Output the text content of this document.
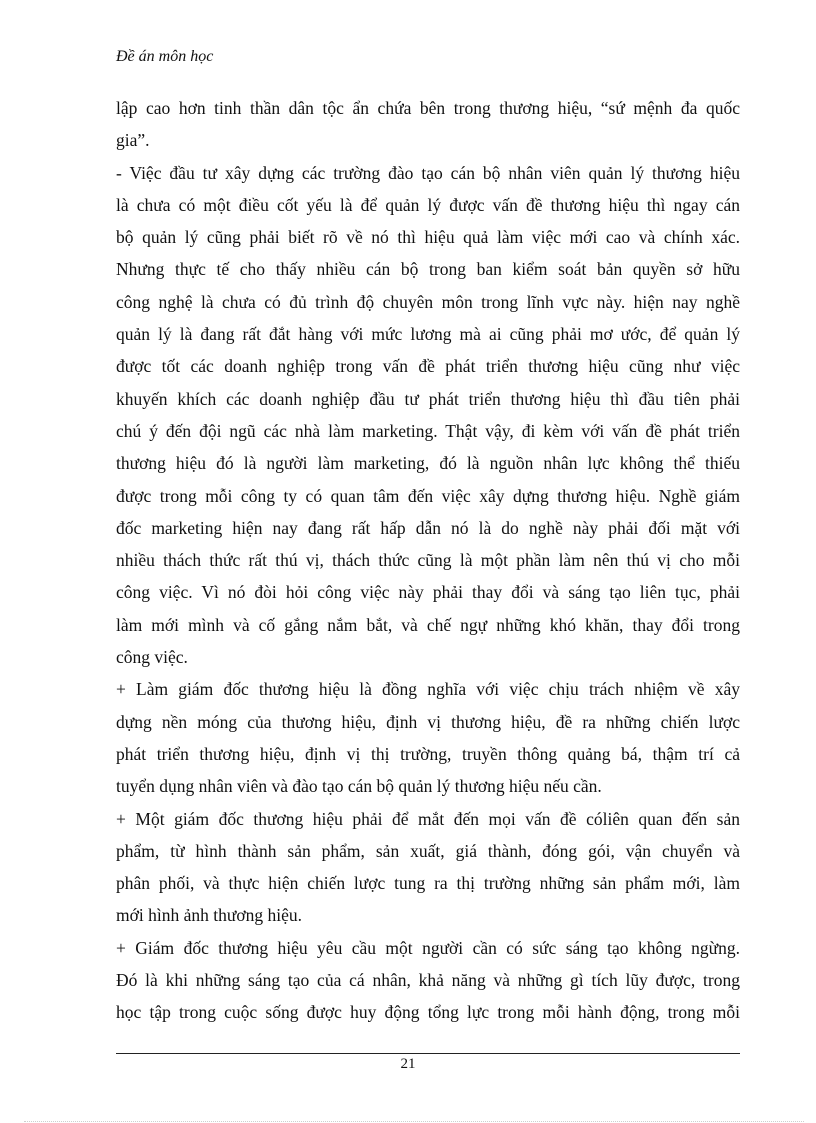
Đề án môn học
lập cao hơn tinh thần dân tộc ẩn chứa bên trong thương hiệu, “sứ mệnh đa quốc
gia”.
- Việc đầu tư xây dựng các trường đào tạo cán bộ nhân viên quản lý thương hiệu
là chưa có một điều cốt yếu là để quản lý được vấn đề thương hiệu thì ngay cán
bộ quản lý cũng phải biết rõ về nó thì hiệu quả làm việc mới cao và chính xác.
Nhưng thực tế cho thấy nhiều cán bộ trong ban kiểm soát bản quyền sở hữu
công nghệ là chưa có đủ trình độ chuyên môn trong lĩnh vực này. hiện nay nghề
quản lý là đang rất đắt hàng với mức lương mà ai cũng phải mơ ước, để quản lý
được tốt các doanh nghiệp trong vấn đề phát triển thương hiệu cũng như việc
khuyến khích các doanh nghiệp đầu tư phát triển thương hiệu thì đầu tiên phải
chú ý đến đội ngũ các nhà làm marketing. Thật vậy, đi kèm với vấn đề phát triển
thương hiệu đó là người làm marketing, đó là nguồn nhân lực không thể thiếu
được trong mỗi công ty có quan tâm đến việc xây dựng thương hiệu. Nghề giám
đốc marketing hiện nay đang rất hấp dẫn nó là do nghề này phải đối mặt với
nhiều thách thức rất thú vị, thách thức cũng là một phần làm nên thú vị cho mỗi
công việc. Vì nó đòi hỏi công việc này phải thay đổi và sáng tạo liên tục, phải
làm mới mình và cố gắng nắm bắt, và chế ngự những khó khăn, thay đổi trong
công việc.
+ Làm giám đốc thương hiệu là đồng nghĩa với việc chịu trách nhiệm về xây
dựng nền móng của thương hiệu, định vị thương hiệu, đề ra những chiến lược
phát triển thương hiệu, định vị thị trường, truyền thông quảng bá, thậm trí cả
tuyển dụng nhân viên và đào tạo cán bộ quản lý thương hiệu nếu cần.
+ Một giám đốc thương hiệu phải để mắt đến mọi vấn đề cóliên quan đến sản
phẩm, từ hình thành sản phẩm, sản xuất, giá thành, đóng gói, vận chuyển và
phân phối, và thực hiện chiến lược tung ra thị trường những sản phẩm mới, làm
mới hình ảnh thương hiệu.
+ Giám đốc thương hiệu yêu cầu một người cần có sức sáng tạo không ngừng.
Đó là khi những sáng tạo của cá nhân, khả năng và những gì tích lũy được, trong
học tập trong cuộc sống được huy động tổng lực trong mỗi hành động, trong mỗi
21
